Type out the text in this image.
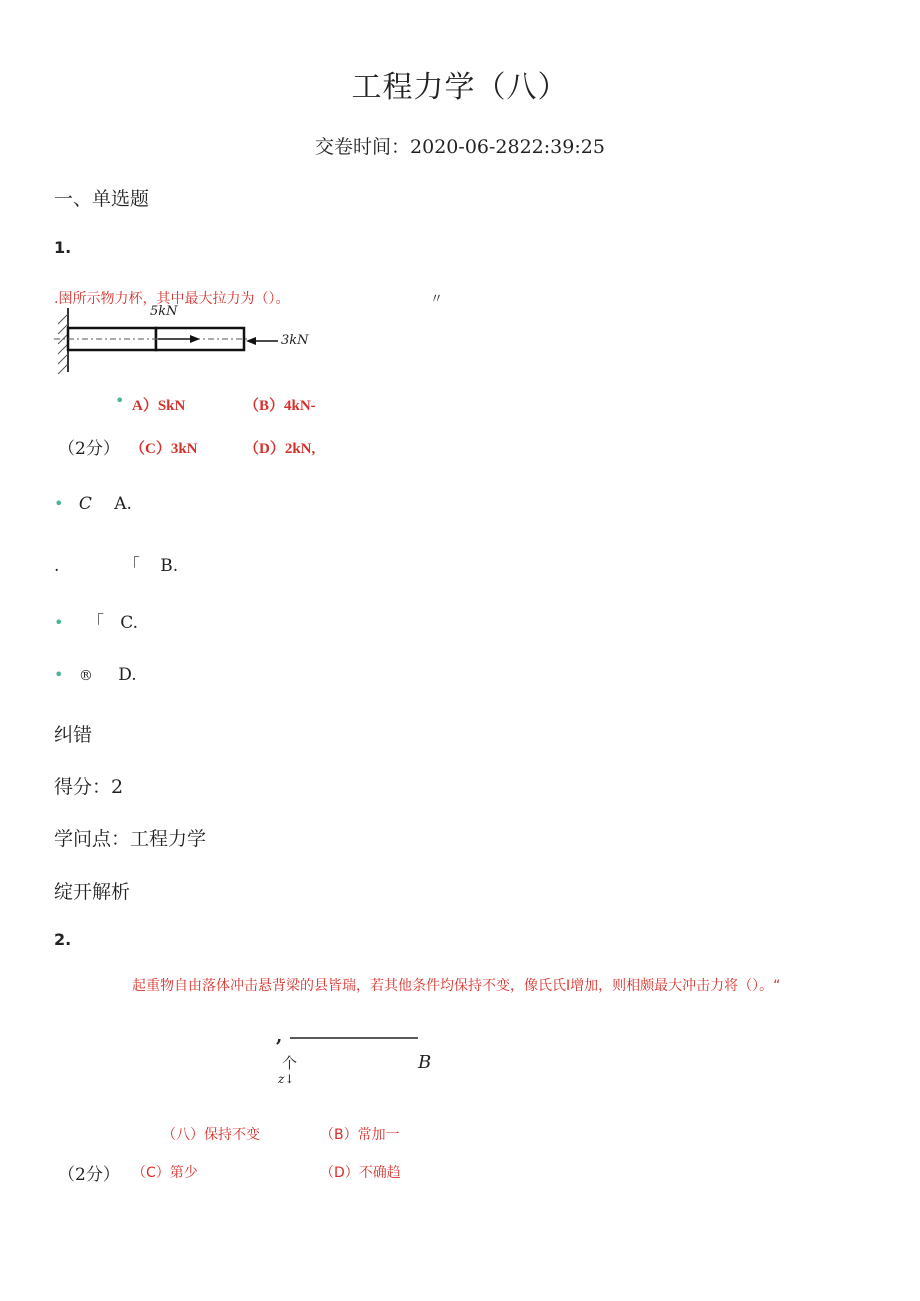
工程力学（八）
交卷时间：2020-06-2822:39:25
一、单选题
1.
.圉所示物力杯，其中最大拉力为（）。	〃
5kN
3kN
• A）SkN	（B）4kN-
（2分） （C）3kN	（D）2kN,
• C A.
.	「 B.
• 「 C.
• ® D.
纠错
得分：2
学问点：工程力学
绽开解析
2.
起重物自由落体冲击悬背梁的县皆瑞，若其他条件均保持不变，像氏氏I增加，则相颇最大冲击力将（）。“
,
个
z↓
B
（八）保持不变	（B）常加一
（2分） （C）第少	（D）不确趋
